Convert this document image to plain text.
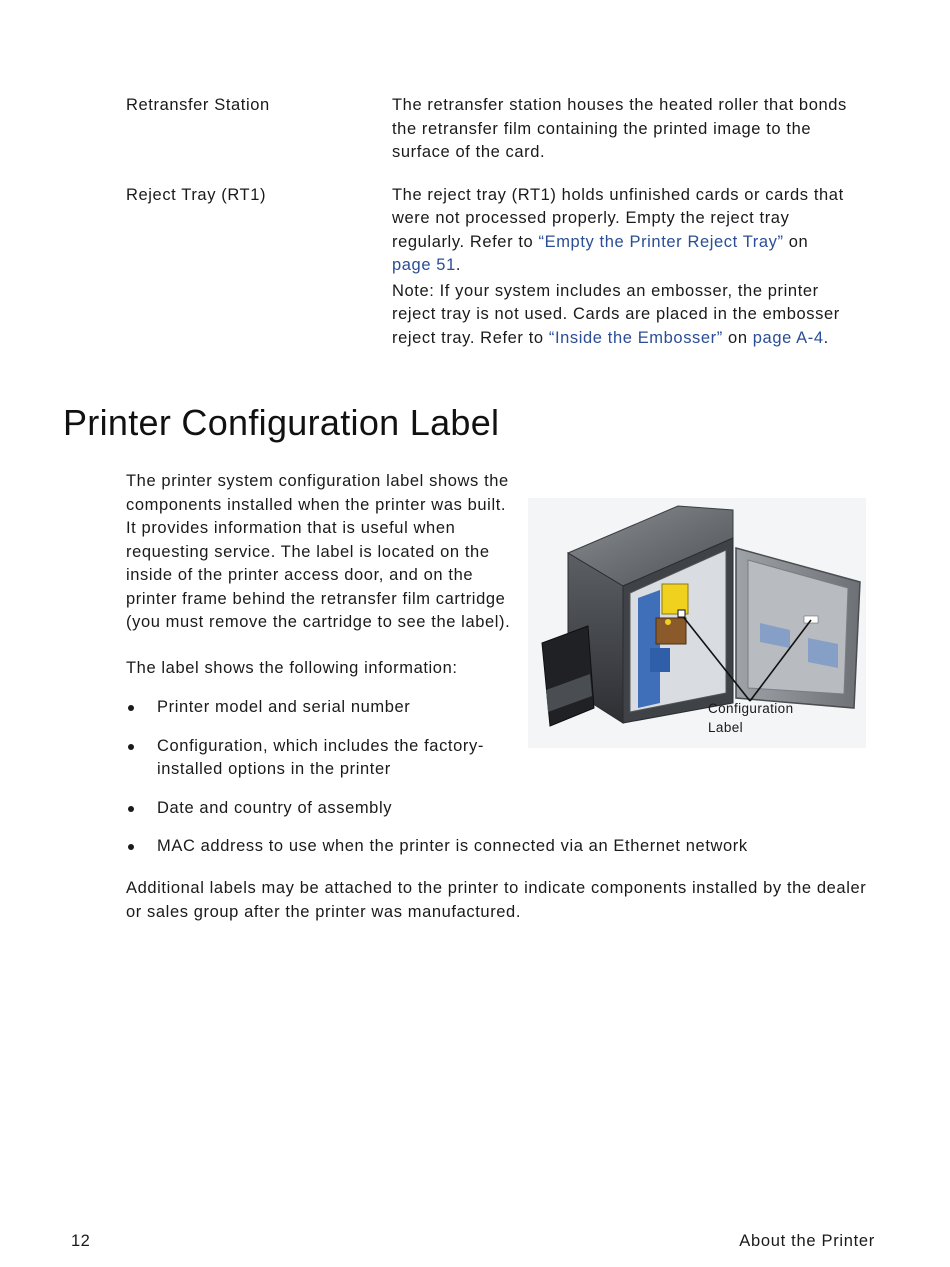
Retransfer Station	The retransfer station houses the heated roller that bonds the retransfer film containing the printed image to the surface of the card.

Reject Tray (RT1)	The reject tray (RT1) holds unfinished cards or cards that were not processed properly. Empty the reject tray regularly. Refer to “Empty the Printer Reject Tray” on page 51.

Note: If your system includes an embosser, the printer reject tray is not used. Cards are placed in the embosser reject tray. Refer to “Inside the Embosser” on page A-4.

Printer Configuration Label

The printer system configuration label shows the components installed when the printer was built. It provides information that is useful when requesting service. The label is located on the inside of the printer access door, and on the printer frame behind the retransfer film cartridge (you must remove the cartridge to see the label).

Configuration
Label

The label shows the following information:

Printer model and serial number
Configuration, which includes the factory-installed options in the printer
Date and country of assembly
MAC address to use when the printer is connected via an Ethernet network

Additional labels may be attached to the printer to indicate components installed by the dealer or sales group after the printer was manufactured.

12	About the Printer
